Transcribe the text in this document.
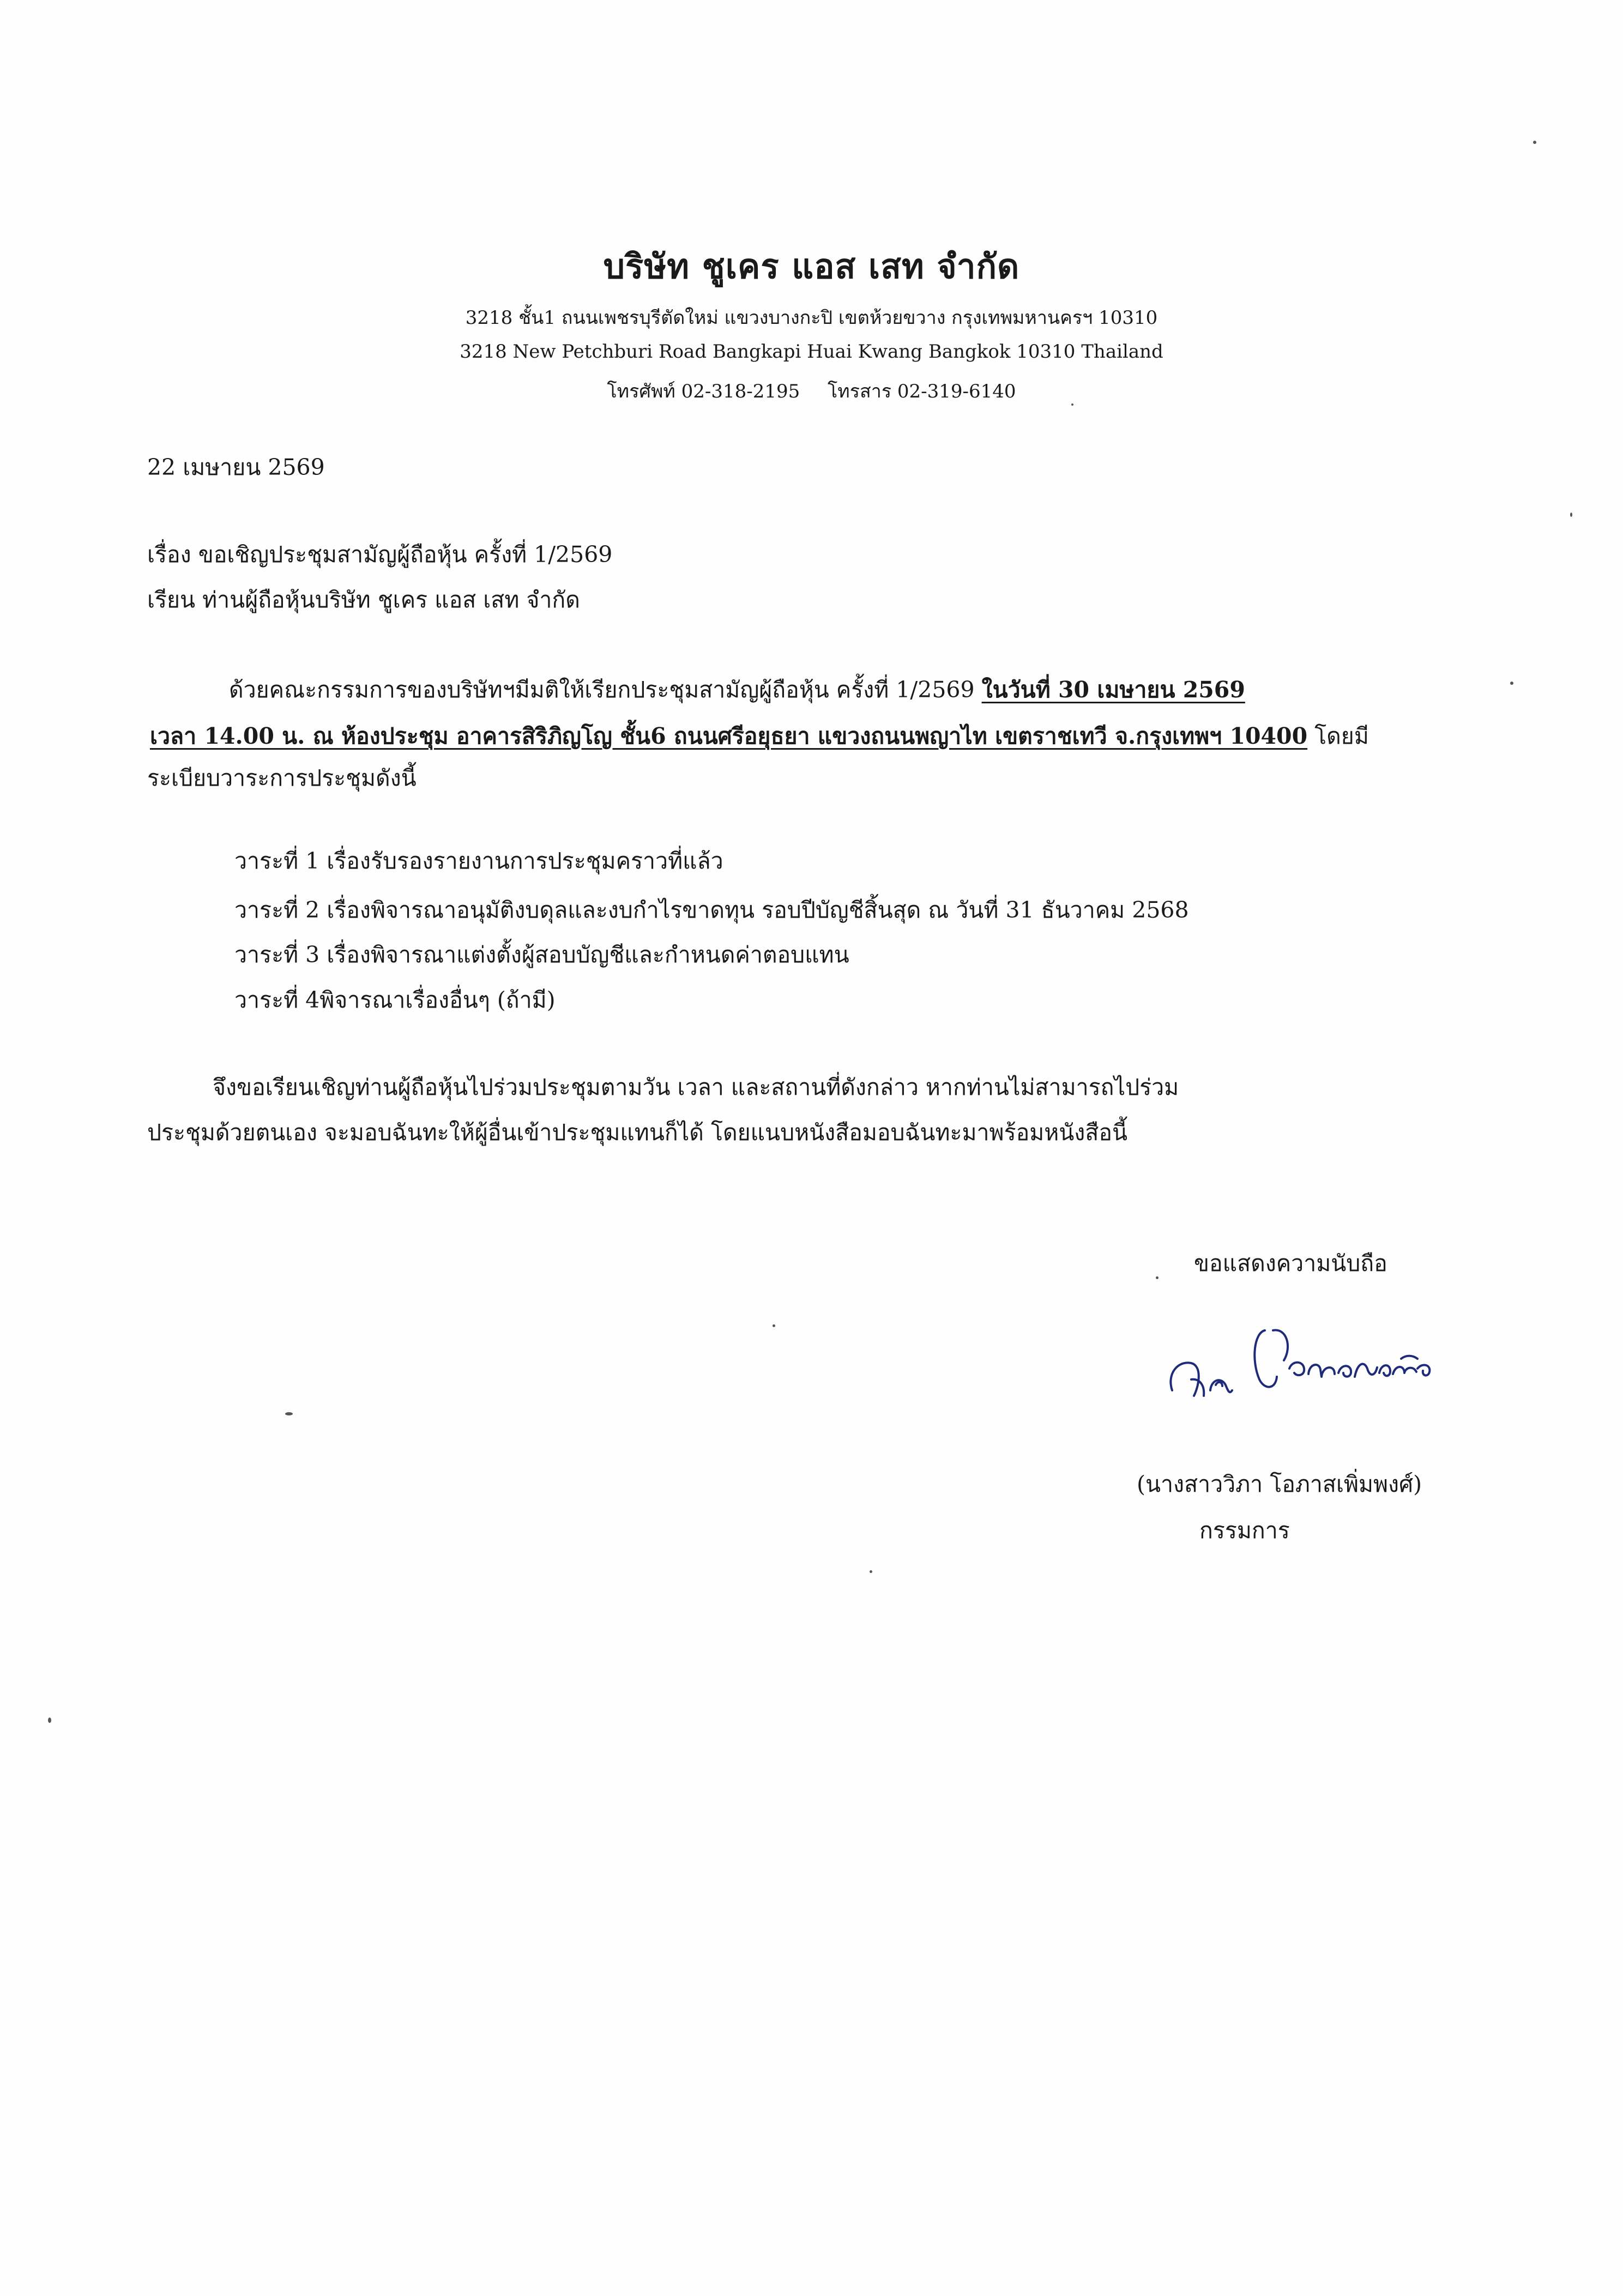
บริษัท ชูเคร แอส เสท จำกัด
3218 ชั้น1 ถนนเพชรบุรีตัดใหม่ แขวงบางกะปิ เขตห้วยขวาง กรุงเทพมหานครฯ 10310
3218 New Petchburi Road Bangkapi Huai Kwang Bangkok 10310 Thailand
โทรศัพท์ 02-318-2195 โทรสาร 02-319-6140
22 เมษายน 2569
เรื่อง ขอเชิญประชุมสามัญผู้ถือหุ้น ครั้งที่ 1/2569
เรียน ท่านผู้ถือหุ้นบริษัท ชูเคร แอส เสท จำกัด
ด้วยคณะกรรมการของบริษัทฯมีมติให้เรียกประชุมสามัญผู้ถือหุ้น ครั้งที่ 1/2569 ในวันที่ 30 เมษายน 2569
เวลา 14.00 น. ณ ห้องประชุม อาคารสิริภิญโญ ชั้น6 ถนนศรีอยุธยา แขวงถนนพญาไท เขตราชเทวี จ.กรุงเทพฯ 10400 โดยมี
ระเบียบวาระการประชุมดังนี้
วาระที่ 1 เรื่องรับรองรายงานการประชุมคราวที่แล้ว
วาระที่ 2 เรื่องพิจารณาอนุมัติงบดุลและงบกำไรขาดทุน รอบปีบัญชีสิ้นสุด ณ วันที่ 31 ธันวาคม 2568
วาระที่ 3 เรื่องพิจารณาแต่งตั้งผู้สอบบัญชีและกำหนดค่าตอบแทน
วาระที่ 4พิจารณาเรื่องอื่นๆ (ถ้ามี)
จึงขอเรียนเชิญท่านผู้ถือหุ้นไปร่วมประชุมตามวัน เวลา และสถานที่ดังกล่าว หากท่านไม่สามารถไปร่วม
ประชุมด้วยตนเอง จะมอบฉันทะให้ผู้อื่นเข้าประชุมแทนก็ได้ โดยแนบหนังสือมอบฉันทะมาพร้อมหนังสือนี้
ขอแสดงความนับถือ
(นางสาววิภา โอภาสเพิ่มพงศ์)
กรรมการ
